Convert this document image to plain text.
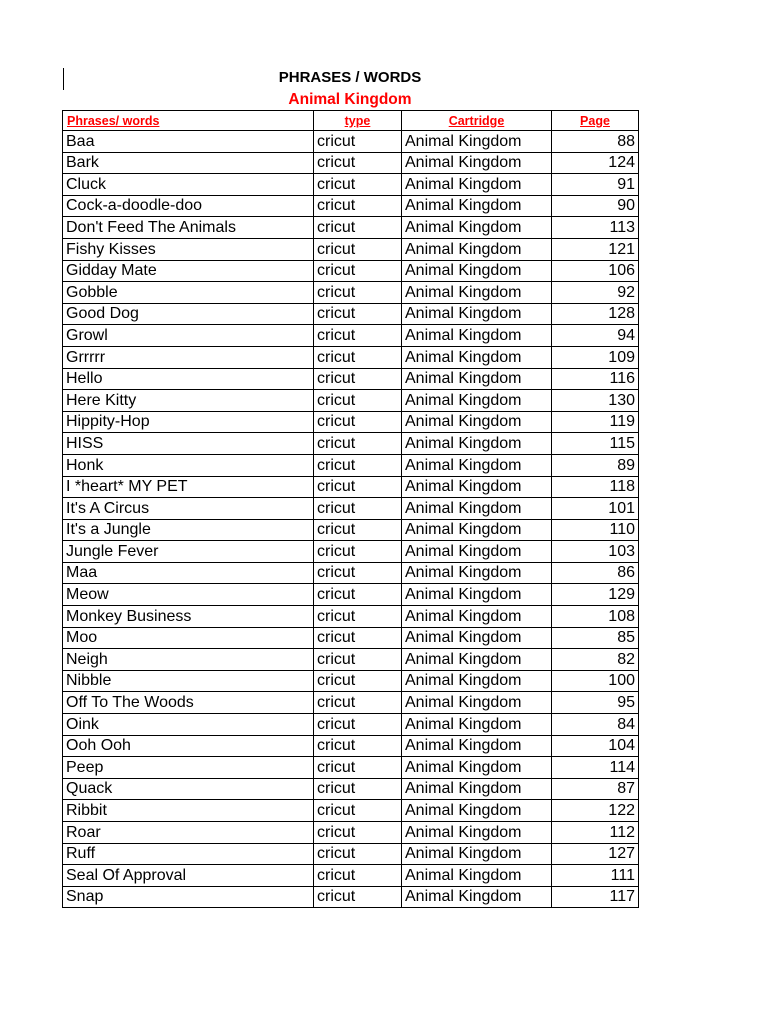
PHRASES / WORDS
Animal Kingdom
Phrases/ words	type	Cartridge	Page
Baa	cricut	Animal Kingdom	88
Bark	cricut	Animal Kingdom	124
Cluck	cricut	Animal Kingdom	91
Cock-a-doodle-doo	cricut	Animal Kingdom	90
Don't Feed The Animals	cricut	Animal Kingdom	113
Fishy Kisses	cricut	Animal Kingdom	121
Gidday Mate	cricut	Animal Kingdom	106
Gobble	cricut	Animal Kingdom	92
Good Dog	cricut	Animal Kingdom	128
Growl	cricut	Animal Kingdom	94
Grrrrr	cricut	Animal Kingdom	109
Hello	cricut	Animal Kingdom	116
Here Kitty	cricut	Animal Kingdom	130
Hippity-Hop	cricut	Animal Kingdom	119
HISS	cricut	Animal Kingdom	115
Honk	cricut	Animal Kingdom	89
I *heart* MY PET	cricut	Animal Kingdom	118
It's A Circus	cricut	Animal Kingdom	101
It's a Jungle	cricut	Animal Kingdom	110
Jungle Fever	cricut	Animal Kingdom	103
Maa	cricut	Animal Kingdom	86
Meow	cricut	Animal Kingdom	129
Monkey Business	cricut	Animal Kingdom	108
Moo	cricut	Animal Kingdom	85
Neigh	cricut	Animal Kingdom	82
Nibble	cricut	Animal Kingdom	100
Off To The Woods	cricut	Animal Kingdom	95
Oink	cricut	Animal Kingdom	84
Ooh Ooh	cricut	Animal Kingdom	104
Peep	cricut	Animal Kingdom	114
Quack	cricut	Animal Kingdom	87
Ribbit	cricut	Animal Kingdom	122
Roar	cricut	Animal Kingdom	112
Ruff	cricut	Animal Kingdom	127
Seal Of Approval	cricut	Animal Kingdom	111
Snap	cricut	Animal Kingdom	117
